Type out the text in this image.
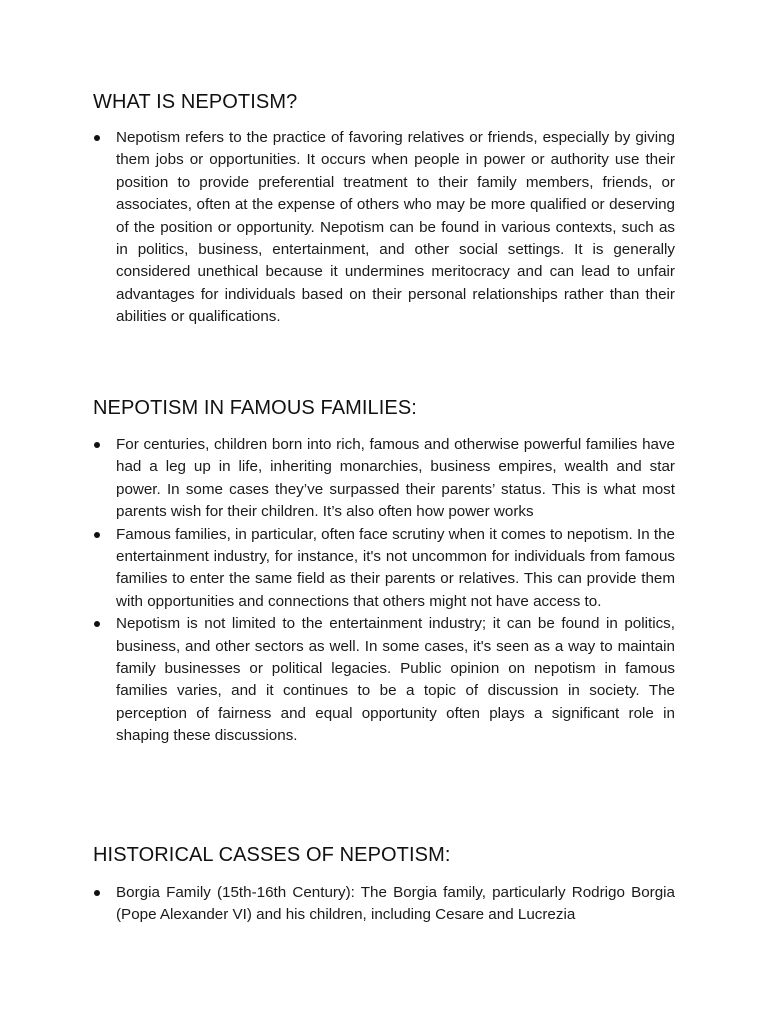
WHAT IS NEPOTISM?
Nepotism refers to the practice of favoring relatives or friends, especially by giving them jobs or opportunities. It occurs when people in power or authority use their position to provide preferential treatment to their family members, friends, or associates, often at the expense of others who may be more qualified or deserving of the position or opportunity. Nepotism can be found in various contexts, such as in politics, business, entertainment, and other social settings. It is generally considered unethical because it undermines meritocracy and can lead to unfair advantages for individuals based on their personal relationships rather than their abilities or qualifications.
NEPOTISM IN FAMOUS FAMILIES:
For centuries, children born into rich, famous and otherwise powerful families have had a leg up in life, inheriting monarchies, business empires, wealth and star power. In some cases they’ve surpassed their parents’ status. This is what most parents wish for their children. It’s also often how power works
Famous families, in particular, often face scrutiny when it comes to nepotism. In the entertainment industry, for instance, it's not uncommon for individuals from famous families to enter the same field as their parents or relatives. This can provide them with opportunities and connections that others might not have access to.
Nepotism is not limited to the entertainment industry; it can be found in politics, business, and other sectors as well. In some cases, it's seen as a way to maintain family businesses or political legacies. Public opinion on nepotism in famous families varies, and it continues to be a topic of discussion in society. The perception of fairness and equal opportunity often plays a significant role in shaping these discussions.
HISTORICAL CASSES OF NEPOTISM:
Borgia Family (15th-16th Century): The Borgia family, particularly Rodrigo Borgia (Pope Alexander VI) and his children, including Cesare and Lucrezia
